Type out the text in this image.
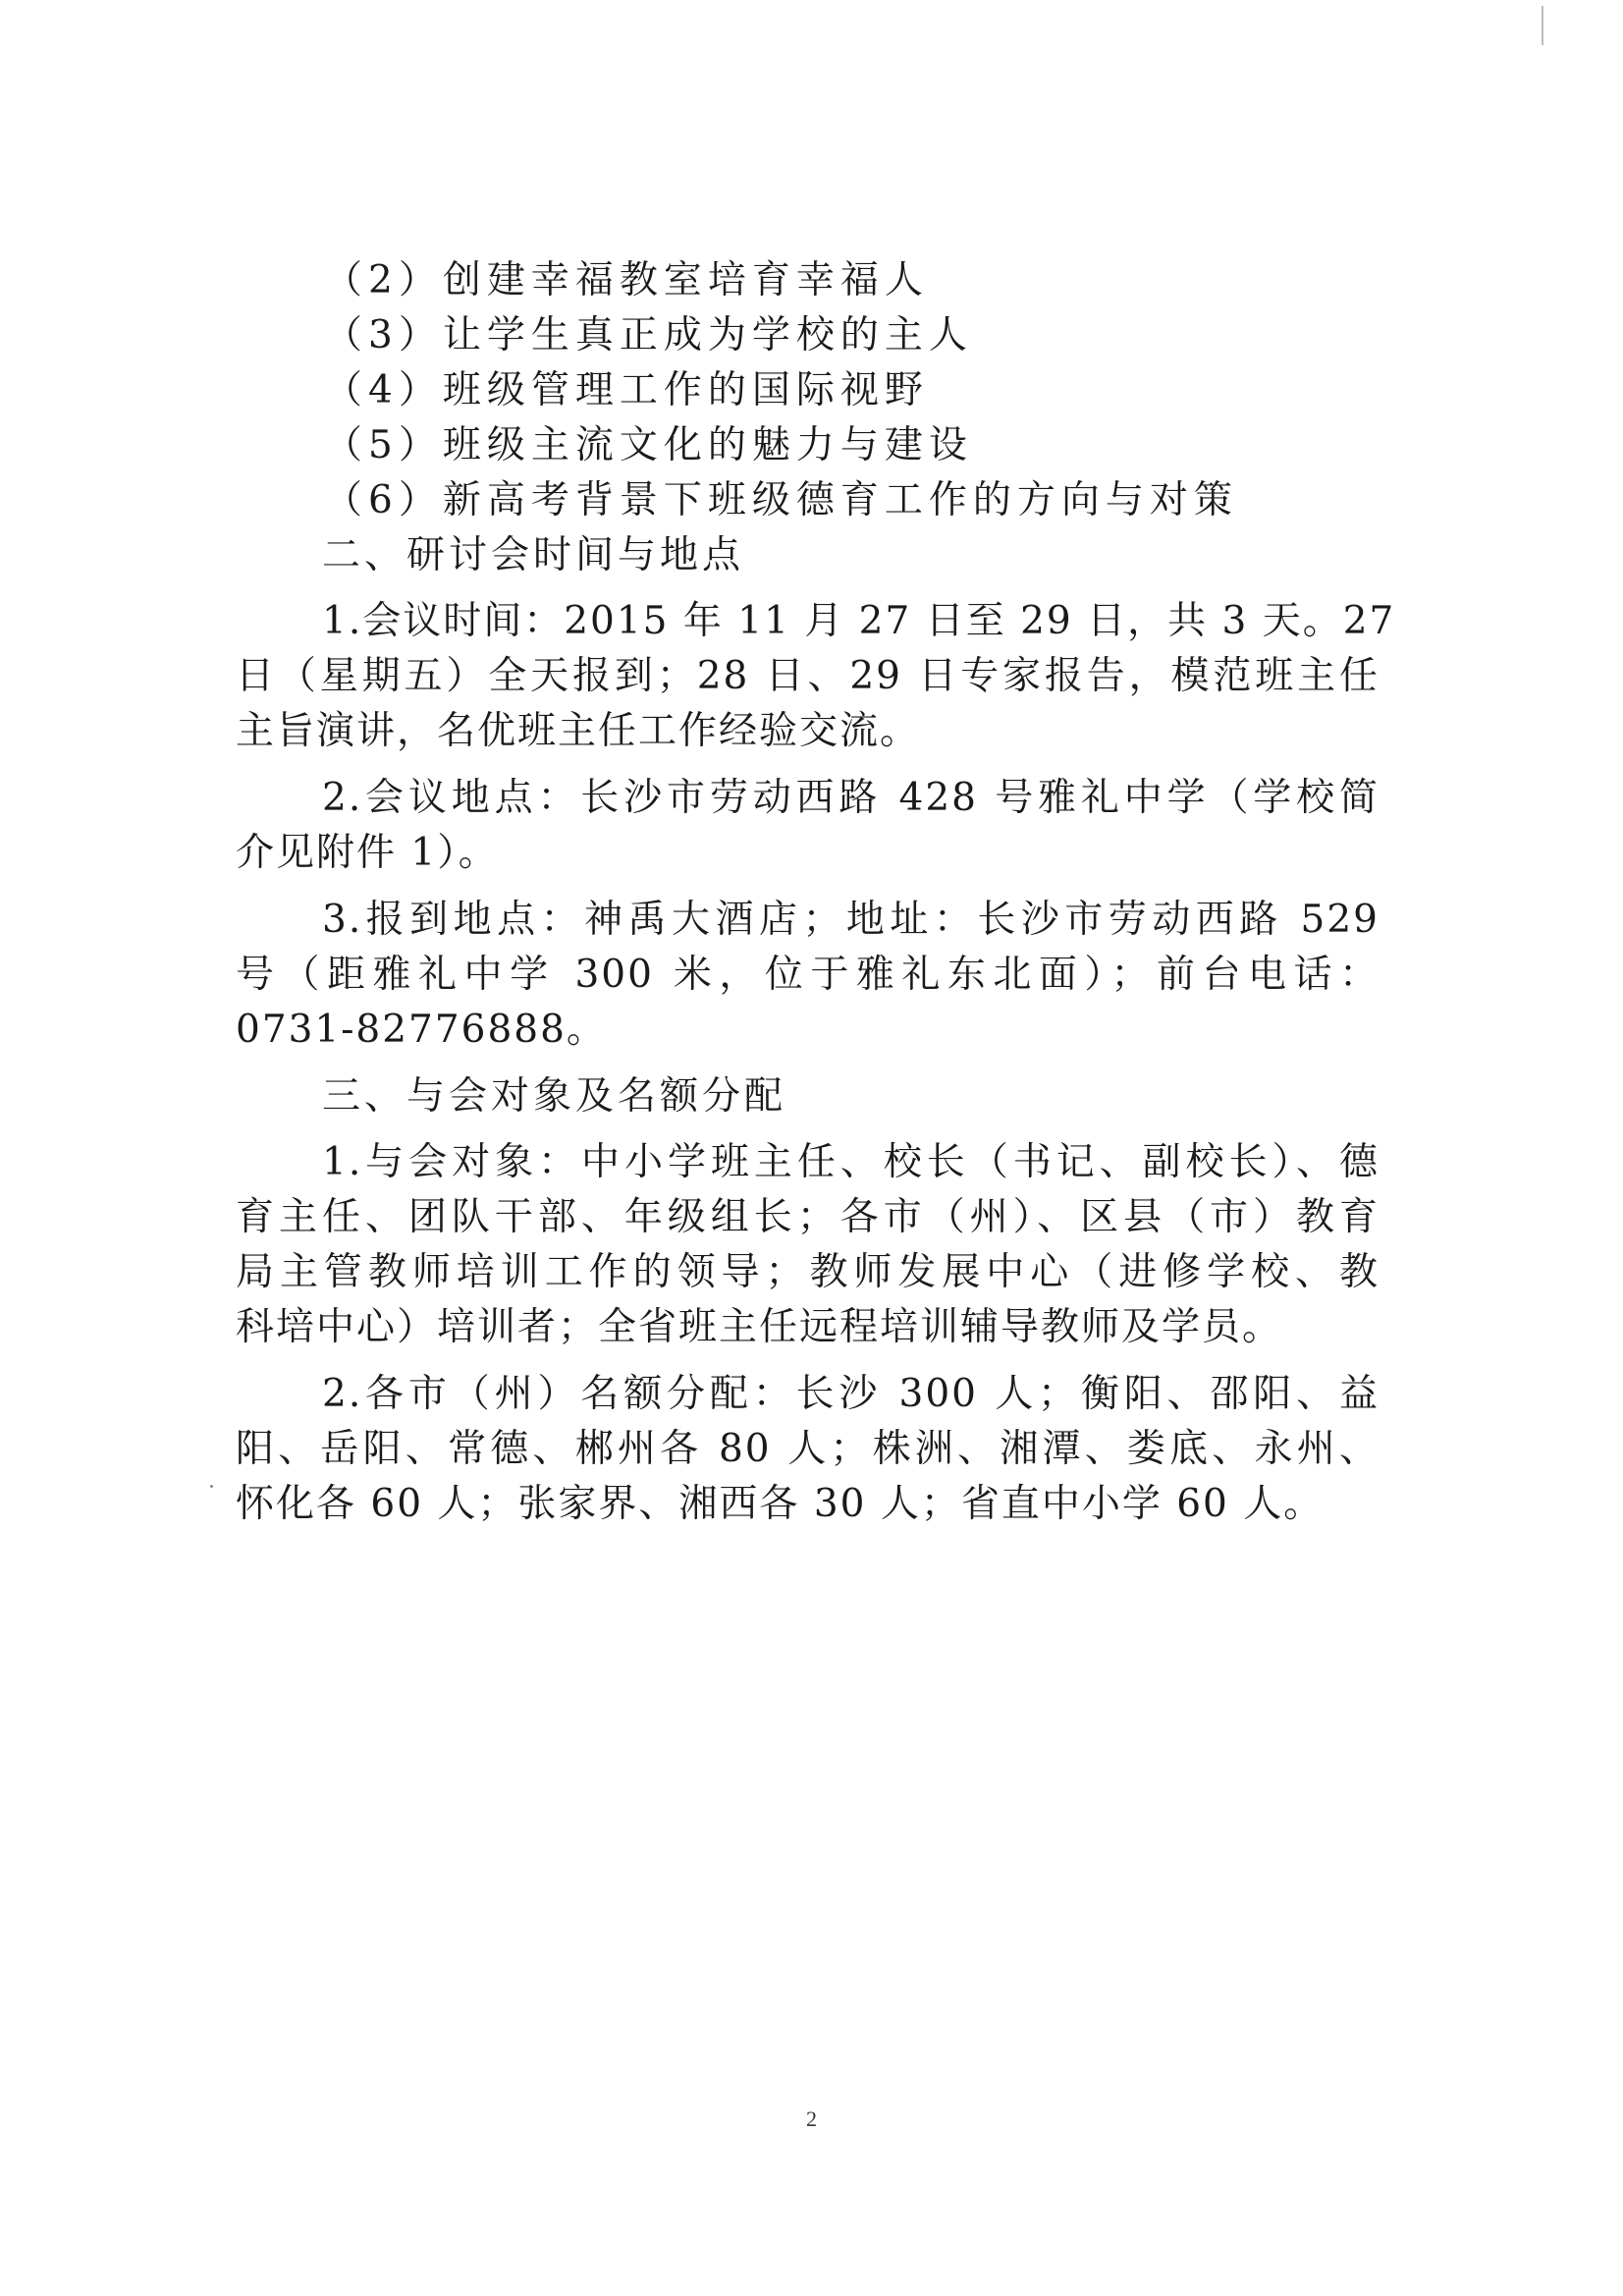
（2）创建幸福教室培育幸福人
（3）让学生真正成为学校的主人
（4）班级管理工作的国际视野
（5）班级主流文化的魅力与建设
（6）新高考背景下班级德育工作的方向与对策
二、研讨会时间与地点
1.会议时间：2015 年 11 月 27 日至 29 日，共 3 天。27
日（星期五）全天报到；28 日、29 日专家报告，模范班主任
主旨演讲，名优班主任工作经验交流。
2.会议地点：长沙市劳动西路 428 号雅礼中学（学校简
介见附件 1）。
3.报到地点：神禹大酒店；地址：长沙市劳动西路 529
号（距雅礼中学 300 米，位于雅礼东北面）；前台电话：
0731-82776888。
三、与会对象及名额分配
1.与会对象：中小学班主任、校长（书记、副校长）、德
育主任、团队干部、年级组长；各市（州）、区县（市）教育
局主管教师培训工作的领导；教师发展中心（进修学校、教
科培中心）培训者；全省班主任远程培训辅导教师及学员。
2.各市（州）名额分配：长沙 300 人；衡阳、邵阳、益
阳、岳阳、常德、郴州各 80 人；株洲、湘潭、娄底、永州、
怀化各 60 人；张家界、湘西各 30 人；省直中小学 60 人。
2
